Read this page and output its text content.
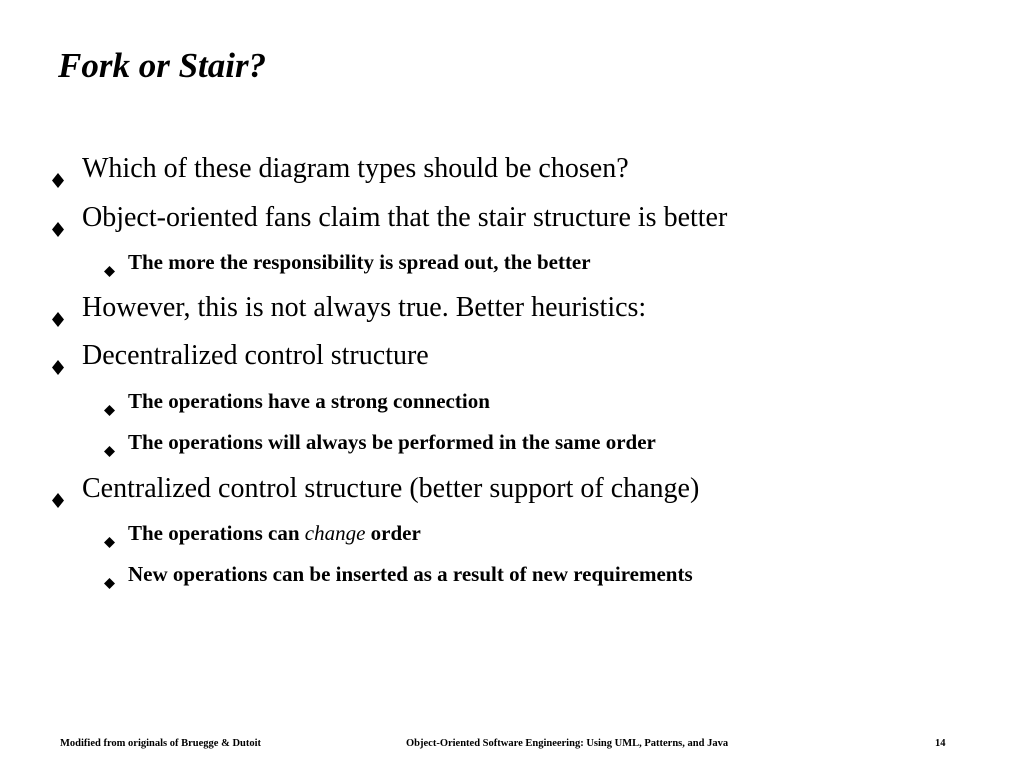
Fork or Stair?
Which of these diagram types should be chosen?
Object-oriented fans claim that the stair structure is better
The more the responsibility is spread out, the better
However, this is not always true. Better heuristics:
Decentralized control structure
The operations have a strong connection
The operations will always be performed in the same order
Centralized control structure (better support of change)
The operations can change order
New operations can be inserted as a result of new requirements
Modified from originals of Bruegge & Dutoit	Object-Oriented Software Engineering: Using UML, Patterns, and Java	14
